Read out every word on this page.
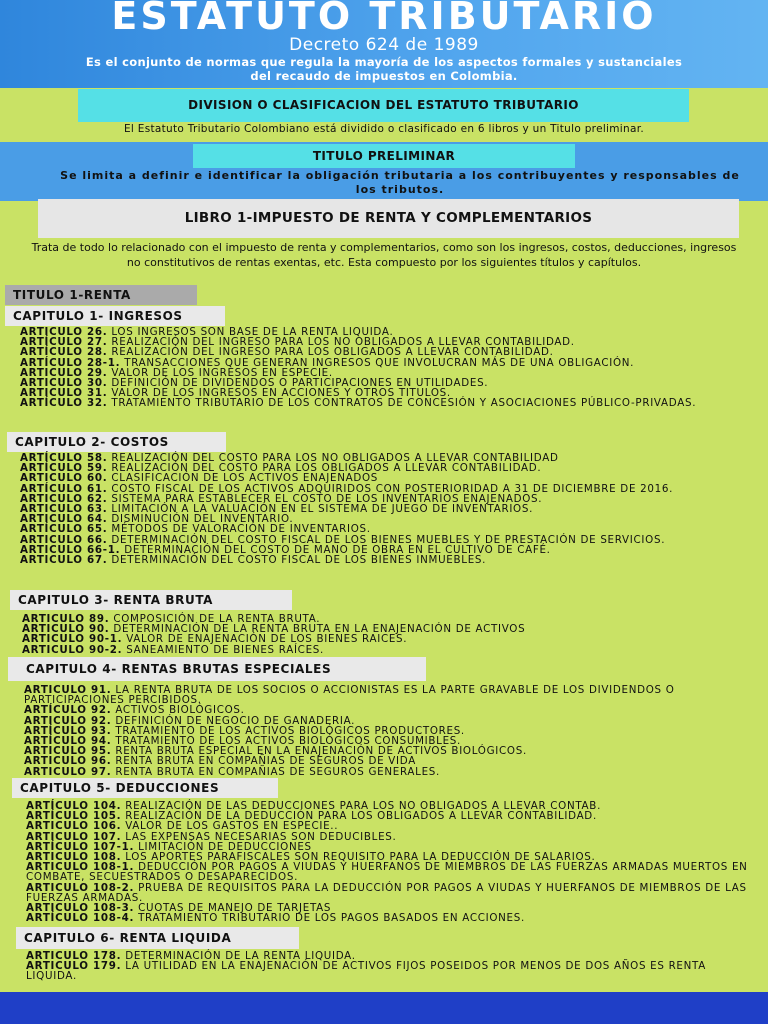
ESTATUTO TRIBUTARIO
Decreto 624 de 1989
Es el conjunto de normas que regula la mayoría de los aspectos formales y sustanciales del recaudo de impuestos en Colombia.
DIVISION O CLASIFICACION DEL ESTATUTO TRIBUTARIO
El Estatuto Tributario Colombiano está dividido o clasificado en 6 libros y un Titulo preliminar.
TITULO PRELIMINAR
Se limita a definir e identificar la obligación tributaria a los contribuyentes y responsables de los tributos.
LIBRO 1-IMPUESTO DE RENTA Y COMPLEMENTARIOS
Trata de todo lo relacionado con el impuesto de renta y complementarios, como son los ingresos, costos, deducciones, ingresos no constitutivos de rentas exentas, etc. Esta compuesto por los siguientes títulos y capítulos.
TITULO 1-RENTA
CAPITULO 1- INGRESOS
ARTICULO 26. LOS INGRESOS SON BASE DE LA RENTA LIQUIDA.
ARTÍCULO 27. REALIZACIÓN DEL INGRESO PARA LOS NO OBLIGADOS A LLEVAR CONTABILIDAD.
ARTÍCULO 28. REALIZACIÓN DEL INGRESO PARA LOS OBLIGADOS A LLEVAR CONTABILIDAD.
ARTÍCULO 28-1. TRANSACCIONES QUE GENERAN INGRESOS QUE INVOLUCRAN MÁS DE UNA OBLIGACIÓN.
ARTICULO 29. VALOR DE LOS INGRESOS EN ESPECIE.
ARTICULO 30. DEFINICIÓN DE DIVIDENDOS O PARTICIPACIONES EN UTILIDADES.
ARTICULO 31. VALOR DE LOS INGRESOS EN ACCIONES Y OTROS TITULOS.
ARTÍCULO 32. TRATAMIENTO TRIBUTARIO DE LOS CONTRATOS DE CONCESIÓN Y ASOCIACIONES PÚBLICO-PRIVADAS.
CAPITULO 2- COSTOS
ARTÍCULO 58. REALIZACIÓN DEL COSTO PARA LOS NO OBLIGADOS A LLEVAR CONTABILIDAD
ARTÍCULO 59. REALIZACIÓN DEL COSTO PARA LOS OBLIGADOS A LLEVAR CONTABILIDAD.
ARTICULO 60. CLASIFICACIÓN DE LOS ACTIVOS ENAJENADOS
ARTÍCULO 61. COSTO FISCAL DE LOS ACTIVOS ADQUIRIDOS CON POSTERIORIDAD A 31 DE DICIEMBRE DE 2016.
ARTICULO 62. SISTEMA PARA ESTABLECER EL COSTO DE LOS INVENTARIOS ENAJENADOS.
ARTICULO 63. LIMITACIÓN A LA VALUACIÓN EN EL SISTEMA DE JUEGO DE INVENTARIOS.
ARTICULO 64. DISMINUCIÓN DEL INVENTARIO.
ARTÍCULO 65. MÉTODOS DE VALORACIÓN DE INVENTARIOS.
ARTICULO 66. DETERMINACIÓN DEL COSTO FISCAL DE LOS BIENES MUEBLES Y DE PRESTACIÓN DE SERVICIOS.
ARTICULO 66-1. DETERMINACIÓN DEL COSTO DE MANO DE OBRA EN EL CULTIVO DE CAFÉ.
ARTICULO 67. DETERMINACIÓN DEL COSTO FISCAL DE LOS BIENES INMUEBLES.
CAPITULO 3- RENTA BRUTA
ARTICULO 89. COMPOSICIÓN DE LA RENTA BRUTA.
ARTICULO 90. DETERMINACIÓN DE LA RENTA BRUTA EN LA ENAJENACIÓN DE ACTIVOS
ARTICULO 90-1. VALOR DE ENAJENACIÓN DE LOS BIENES RAICES.
ARTICULO 90-2. SANEAMIENTO DE BIENES RAÍCES.
CAPITULO 4- RENTAS BRUTAS ESPECIALES
ARTICULO 91. LA RENTA BRUTA DE LOS SOCIOS O ACCIONISTAS ES LA PARTE GRAVABLE DE LOS DIVIDENDOS O PARTICIPACIONES PERCIBIDOS.
ARTÍCULO 92. ACTIVOS BIOLÓGICOS.
ARTICULO 92. DEFINICIÓN DE NEGOCIO DE GANADERIA.
ARTÍCULO 93. TRATAMIENTO DE LOS ACTIVOS BIOLÓGICOS PRODUCTORES.
ARTÍCULO 94. TRATAMIENTO DE LOS ACTIVOS BIOLÓGICOS CONSUMIBLES.
ARTICULO 95. RENTA BRUTA ESPECIAL EN LA ENAJENACIÓN DE ACTIVOS BIOLÓGICOS.
ARTICULO 96. RENTA BRUTA EN COMPAÑIAS DE SEGUROS DE VIDA
ARTICULO 97. RENTA BRUTA EN COMPAÑIAS DE SEGUROS GENERALES.
CAPITULO 5- DEDUCCIONES
ARTÍCULO 104. REALIZACIÓN DE LAS DEDUCCIONES PARA LOS NO OBLIGADOS A LLEVAR CONTAB.
ARTÍCULO 105. REALIZACIÓN DE LA DEDUCCIÓN PARA LOS OBLIGADOS A LLEVAR CONTABILIDAD.
ARTICULO 106. VALOR DE LOS GASTOS EN ESPECIE..
ARTICULO 107. LAS EXPENSAS NECESARIAS SON DEDUCIBLES.
ARTÍCULO 107-1. LIMITACIÓN DE DEDUCCIONES
ARTICULO 108. LOS APORTES PARAFISCALES SON REQUISITO PARA LA DEDUCCIÓN DE SALARIOS.
ARTICULO 108-1. DEDUCCIÓN POR PAGOS A VIUDAS Y HUERFANOS DE MIEMBROS DE LAS FUERZAS ARMADAS MUERTOS EN COMBATE, SECUESTRADOS O DESAPARECIDOS.
ARTICULO 108-2. PRUEBA DE REQUISITOS PARA LA DEDUCCIÓN POR PAGOS A VIUDAS Y HUERFANOS DE MIEMBROS DE LAS FUERZAS ARMADAS.
ARTICULO 108-3. CUOTAS DE MANEJO DE TARJETAS
ARTÍCULO 108-4. TRATAMIENTO TRIBUTARIO DE LOS PAGOS BASADOS EN ACCIONES.
CAPITULO 6- RENTA LIQUIDA
ARTICULO 178. DETERMINACIÓN DE LA RENTA LIQUIDA.
ARTICULO 179. LA UTILIDAD EN LA ENAJENACIÓN DE ACTIVOS FIJOS POSEIDOS POR MENOS DE DOS AÑOS ES RENTA LIQUIDA.
